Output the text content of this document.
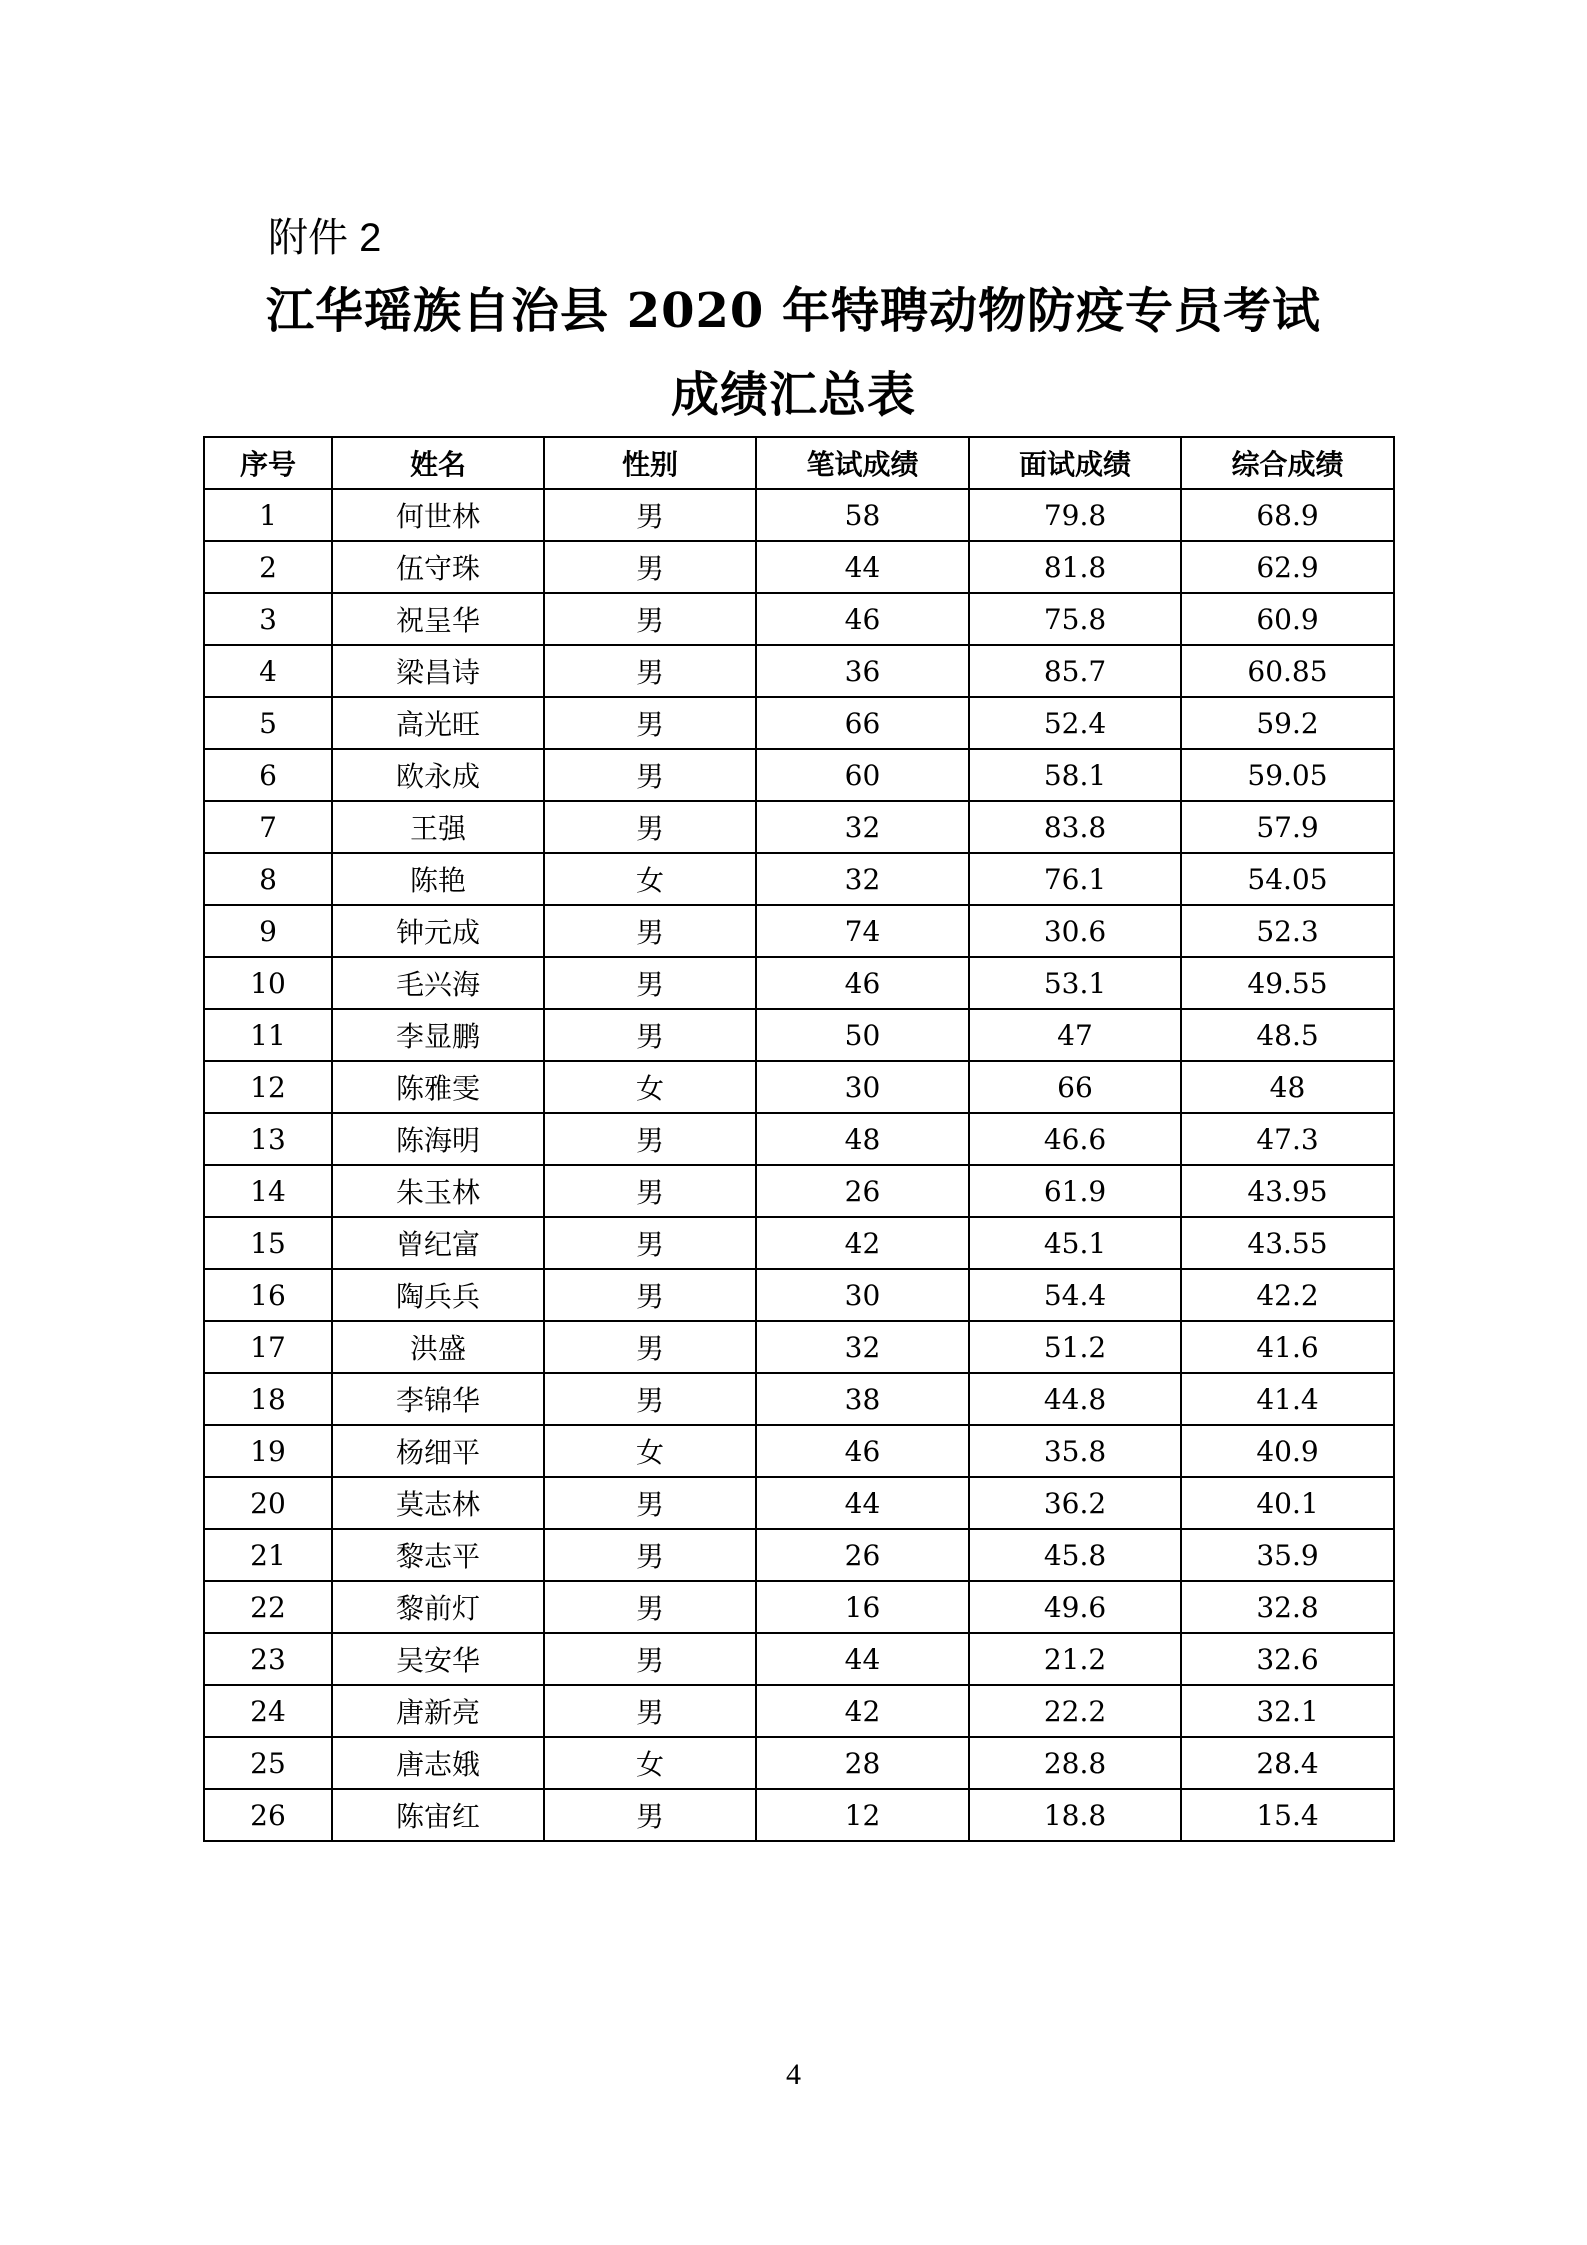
附件 2
江华瑶族自治县 2020 年特聘动物防疫专员考试
成绩汇总表
序号	姓名	性别	笔试成绩	面试成绩	综合成绩
1	何世林	男	58	79.8	68.9
2	伍守珠	男	44	81.8	62.9
3	祝呈华	男	46	75.8	60.9
4	梁昌诗	男	36	85.7	60.85
5	高光旺	男	66	52.4	59.2
6	欧永成	男	60	58.1	59.05
7	王强	男	32	83.8	57.9
8	陈艳	女	32	76.1	54.05
9	钟元成	男	74	30.6	52.3
10	毛兴海	男	46	53.1	49.55
11	李显鹏	男	50	47	48.5
12	陈雅雯	女	30	66	48
13	陈海明	男	48	46.6	47.3
14	朱玉林	男	26	61.9	43.95
15	曾纪富	男	42	45.1	43.55
16	陶兵兵	男	30	54.4	42.2
17	洪盛	男	32	51.2	41.6
18	李锦华	男	38	44.8	41.4
19	杨细平	女	46	35.8	40.9
20	莫志林	男	44	36.2	40.1
21	黎志平	男	26	45.8	35.9
22	黎前灯	男	16	49.6	32.8
23	吴安华	男	44	21.2	32.6
24	唐新亮	男	42	22.2	32.1
25	唐志娥	女	28	28.8	28.4
26	陈宙红	男	12	18.8	15.4
4
